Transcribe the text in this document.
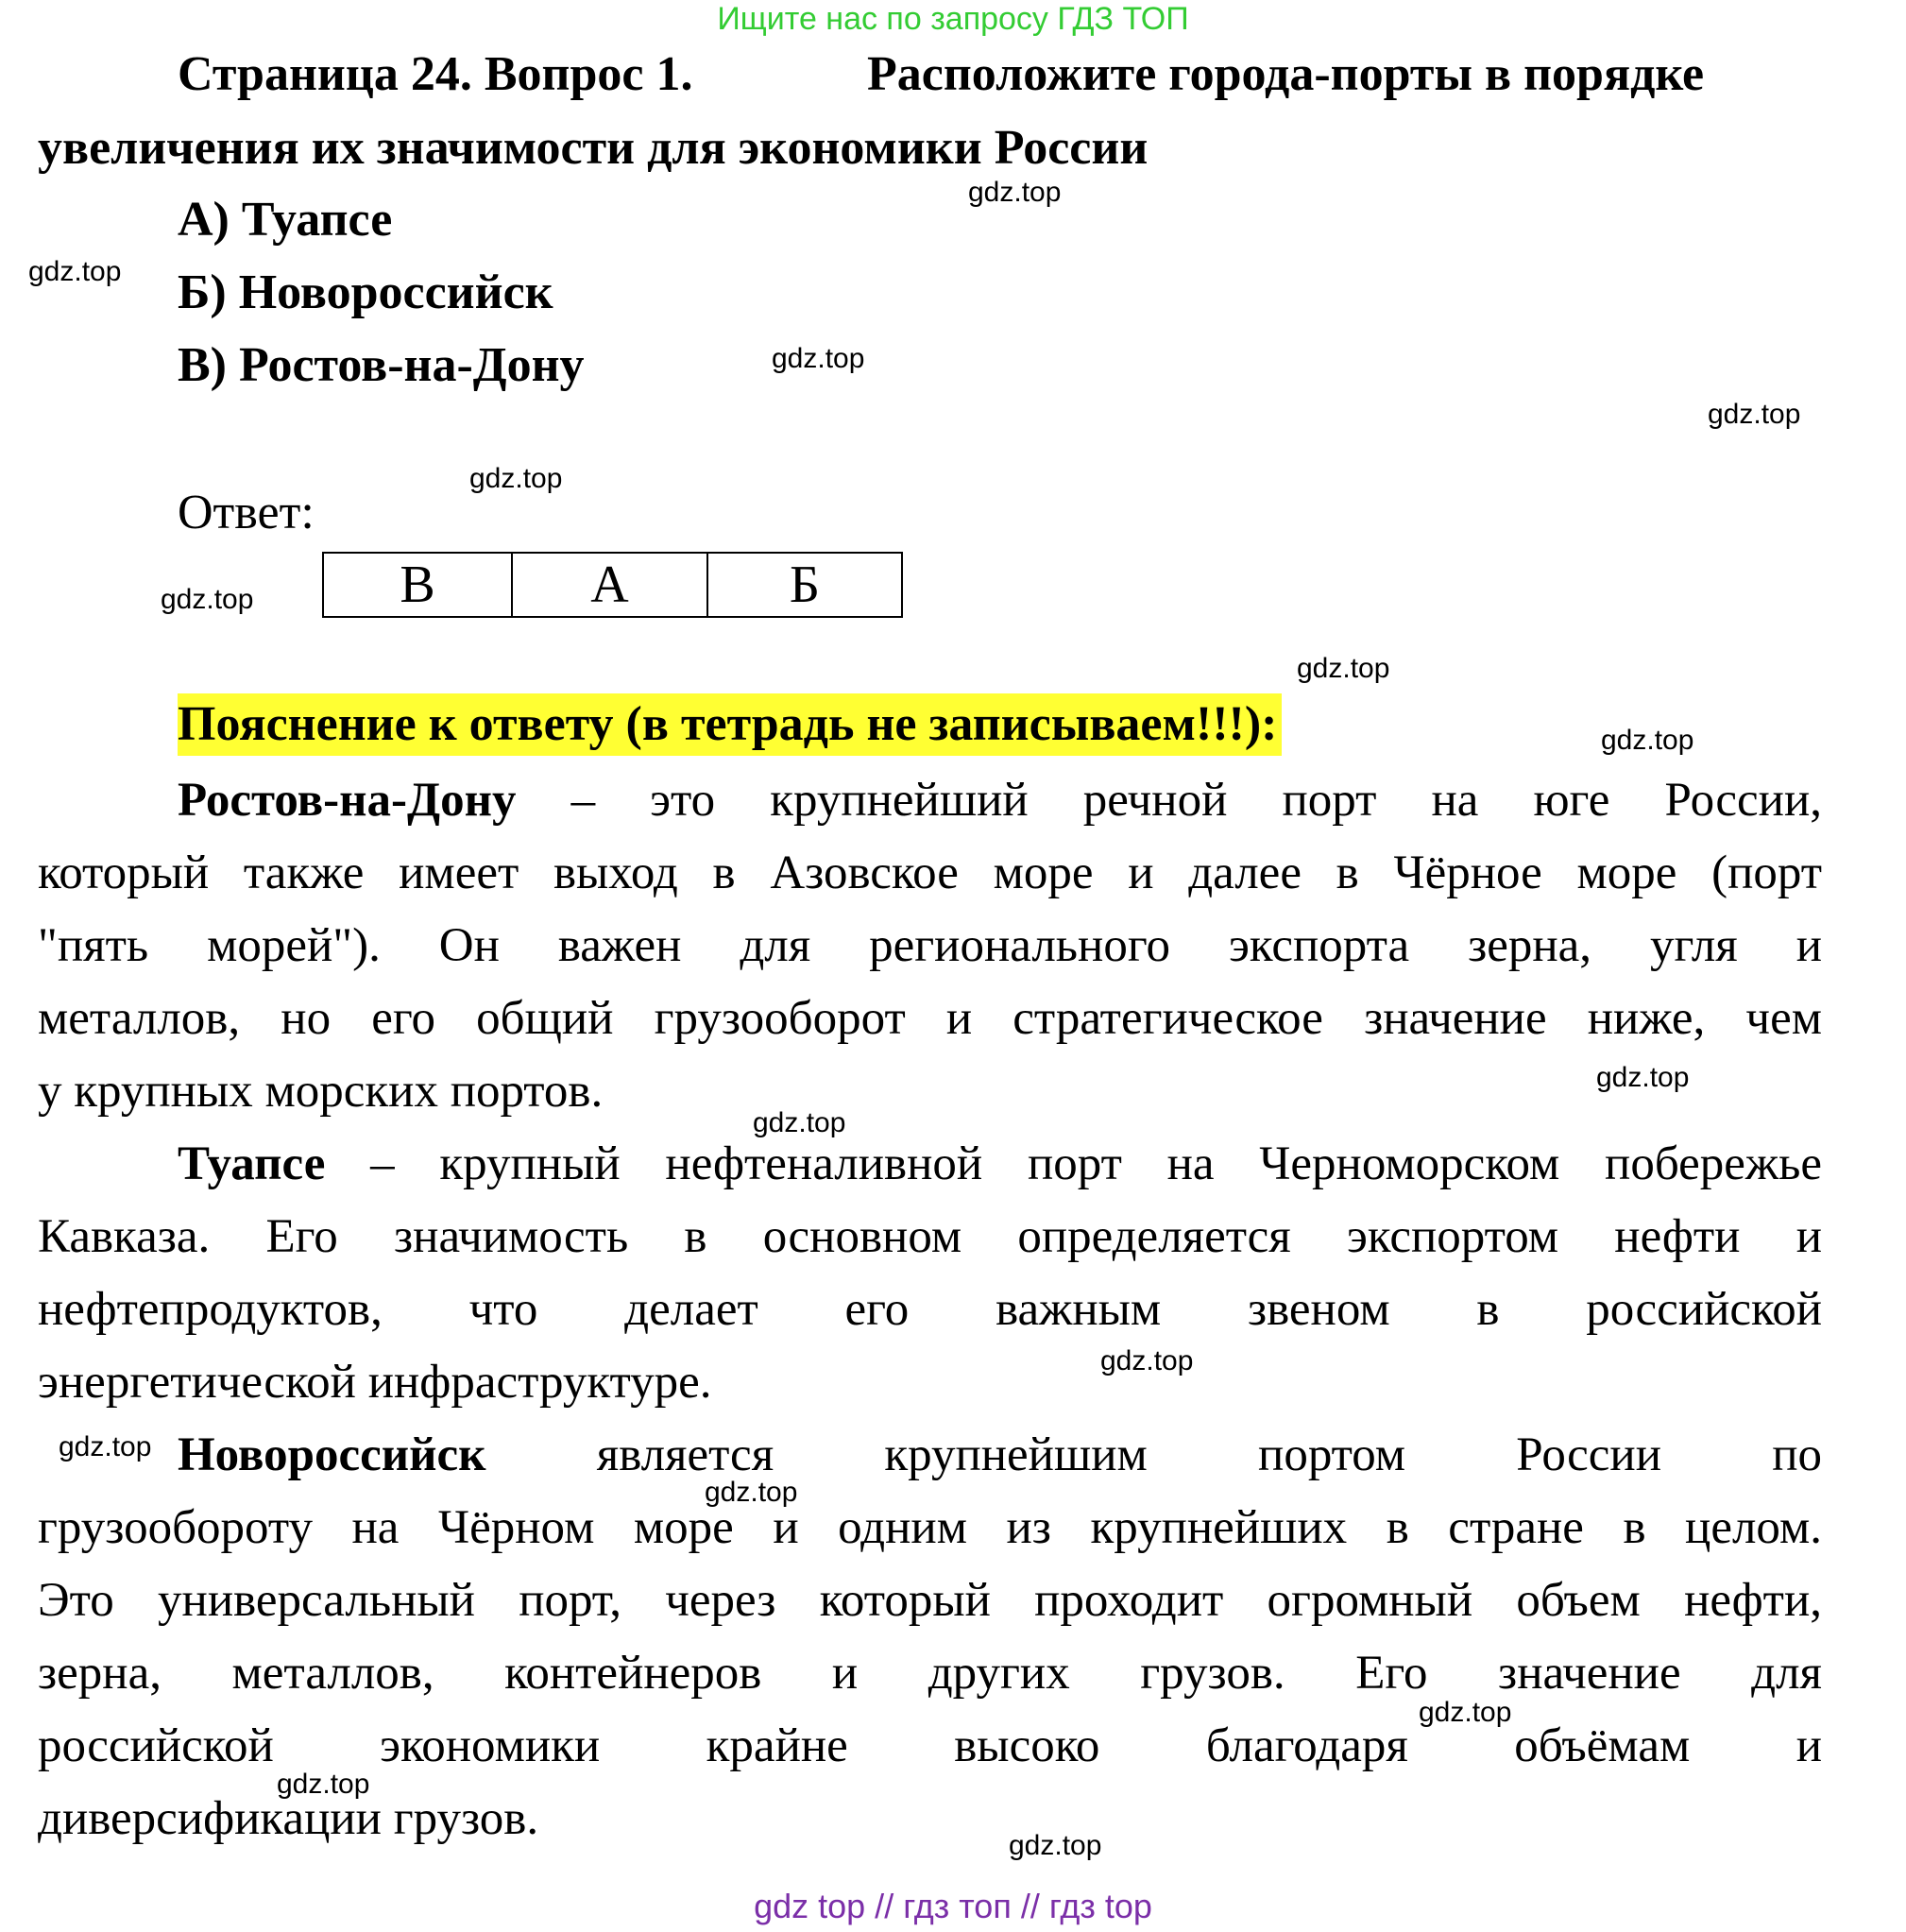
Ищите нас по запросу ГДЗ ТОП
Страница 24. Вопрос 1.	Расположите города-порты в порядке
увеличения их значимости для экономики России
А) Туапсе
Б) Новороссийск
В) Ростов-на-Дону
Ответ:
В	А	Б
Пояснение к ответу (в тетрадь не записываем!!!):
Ростов-на-Дону – это крупнейший речной порт на юге России,
который также имеет выход в Азовское море и далее в Чёрное море (порт
"пять морей"). Он важен для регионального экспорта зерна, угля и
металлов, но его общий грузооборот и стратегическое значение ниже, чем
у крупных морских портов.
Туапсе – крупный нефтеналивной порт на Черноморском побережье
Кавказа. Его значимость в основном определяется экспортом нефти и
нефтепродуктов, что делает его важным звеном в российской
энергетической инфраструктуре.
Новороссийск является крупнейшим портом России по
грузообороту на Чёрном море и одним из крупнейших в стране в целом.
Это универсальный порт, через который проходит огромный объем нефти,
зерна, металлов, контейнеров и других грузов. Его значение для
российской экономики крайне высоко благодаря объёмам и
диверсификации грузов.
gdz.top
gdz.top
gdz.top
gdz.top
gdz.top
gdz.top
gdz.top
gdz.top
gdz.top
gdz.top
gdz.top
gdz.top
gdz.top
gdz.top
gdz.top
gdz.top
gdz top // гдз топ // гдз top
